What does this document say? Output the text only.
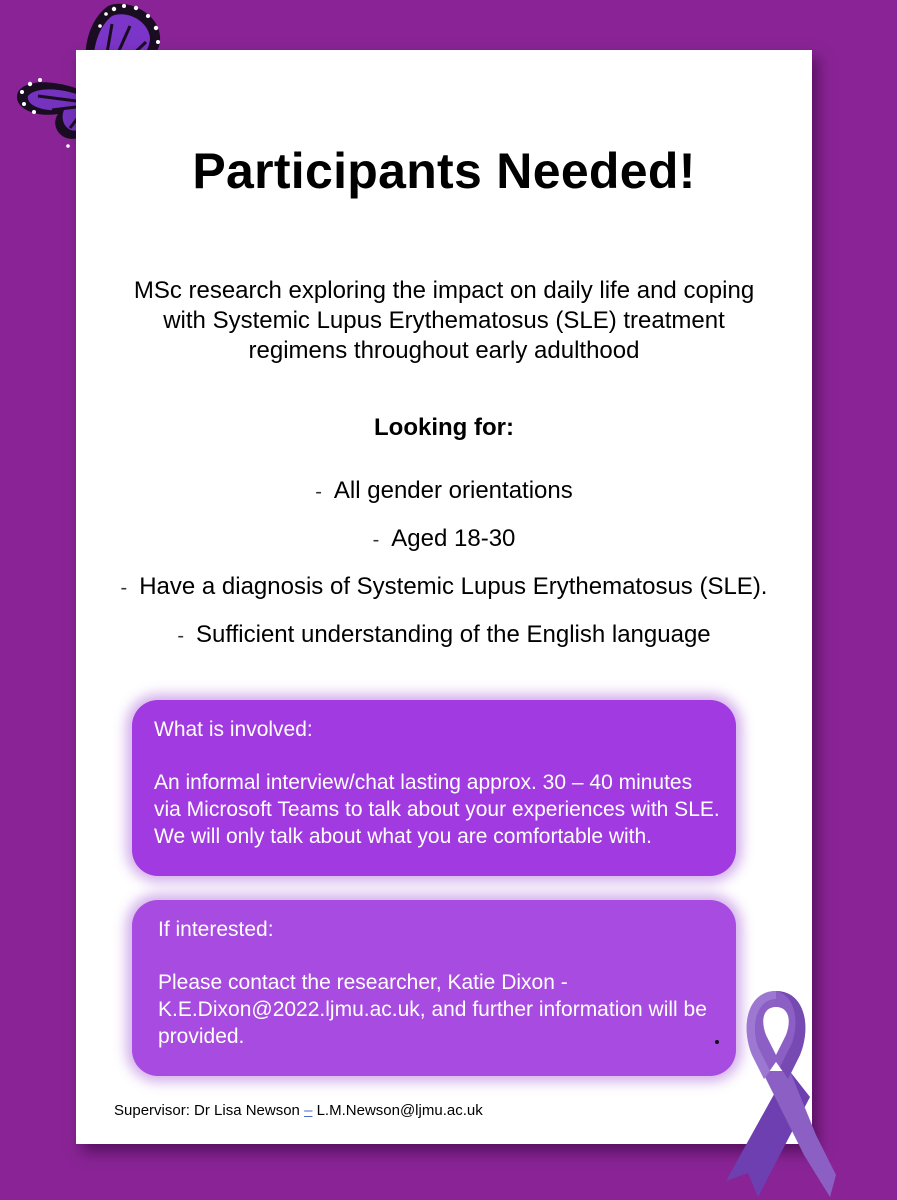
Participants Needed!
MSc research exploring the impact on daily life and coping with Systemic Lupus Erythematosus (SLE) treatment regimens throughout early adulthood
Looking for:
- All gender orientations
- Aged 18-30
- Have a diagnosis of Systemic Lupus Erythematosus (SLE).
- Sufficient understanding of the English language

What is involved:

An informal interview/chat lasting approx. 30 – 40 minutes via Microsoft Teams to talk about your experiences with SLE. We will only talk about what you are comfortable with.

If interested:

Please contact the researcher, Katie Dixon - K.E.Dixon@2022.ljmu.ac.uk, and further information will be provided.

Supervisor: Dr Lisa Newson – L.M.Newson@ljmu.ac.uk
